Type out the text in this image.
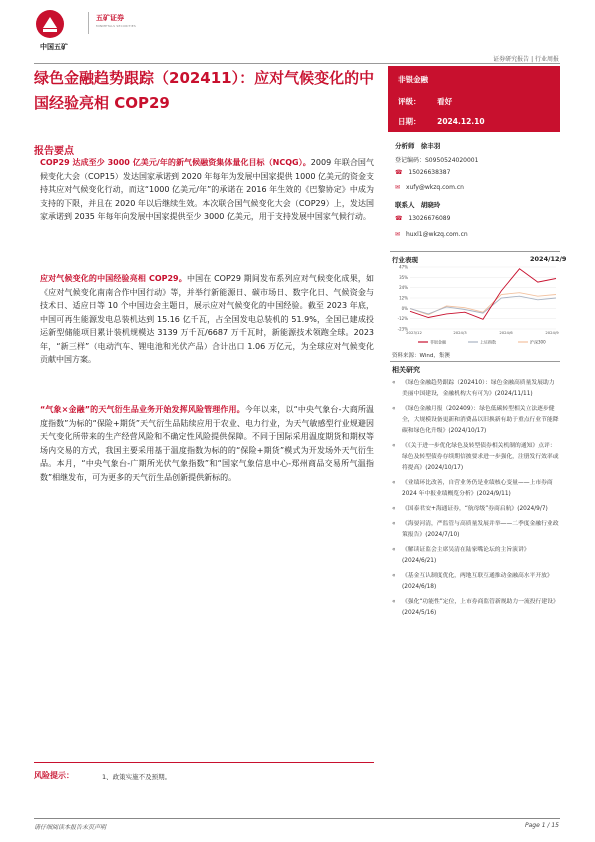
中国五矿
五矿证券
MINMETALS SECURITIES
证券研究报告 | 行业周报
绿色金融趋势跟踪（202411）：应对气候变化的中国经验亮相 COP29
非银金融
评级： 看好
日期： 2024.12.10
报告要点
COP29 达成至少 3000 亿美元/年的新气候融资集体量化目标（NCQG）。2009 年联合国气候变化大会（COP15）发达国家承诺到 2020 年每年为发展中国家提供 1000 亿美元的资金支持其应对气候变化行动，而这“1000 亿美元/年”的承诺在 2016 年生效的《巴黎协定》中成为支持的下限，并且在 2020 年以后继续生效。本次联合国气候变化大会（COP29）上，发达国家承诺到 2035 年每年向发展中国家提供至少 3000 亿美元，用于支持发展中国家气候行动。
应对气候变化的中国经验亮相 COP29。中国在 COP29 期间发布系列应对气候变化成果，如《应对气候变化南南合作中国行动》等，并举行新能源日、碳市场日、数字化日、气候资金与技术日、适应日等 10 个中国边会主题日，展示应对气候变化的中国经验。截至 2023 年底，中国可再生能源发电总装机达到 15.16 亿千瓦，占全国发电总装机的 51.9%，全国已建成投运新型储能项目累计装机规模达 3139 万千瓦/6687 万千瓦时，新能源技术领跑全球。2023 年，“新三样”（电动汽车、锂电池和光伏产品）合计出口 1.06 万亿元，为全球应对气候变化贡献中国方案。
“气象×金融”的天气衍生品业务开始发挥风险管理作用。今年以来，以“中央气象台-大商所温度指数”为标的“保险+期货”天气衍生品陆续应用于农业、电力行业，为天气敏感型行业规避因天气变化所带来的生产经营风险和不确定性风险提供保障。不同于国际采用温度期货和期权等场内交易的方式，我国主要采用基于温度指数为标的的“保险+期货”模式为开发场外天气衍生品。本月，“中央气象台-广期所光伏气象指数”和“国家气象信息中心-郑州商品交易所气温指数”相继发布，可为更多的天气衍生品创新提供新标的。
风险提示：	1、政策实施不及预期。
分析师 徐丰羽
登记编码：S0950524020001
☎ 15026638387
✉ xufy@wkzq.com.cn
联系人 胡晓玲
☎ 13026676089
✉ huxl1@wkzq.com.cn
行业表现	2024/12/9
47%
35%
24%
12%
0%
-12%
-23%
2023/12	2024/3	2024/6	2024/9
非银金融	上证指数	沪深300
资料来源：Wind，集澳
相关研究
« 《绿色金融趋势跟踪（202410）：绿色金融高质量发展助力美丽中国建设，金融机构大有可为》(2024/11/11)
« 《绿色金融月报（202409）：绿色低碳转型相关立法逐步健全，大规模设备更新和消费品以旧换新有助于重点行业节能降碳和绿色化升级》(2024/10/17)
« 《《关于进一步优化绿色及转型债券相关机制的通知》点评：绿色及转型债券存续期信披要求进一步强化，注册发行效率或将提高》(2024/10/17)
« 《业绩环比改善，自营业务仍是业绩核心变量——上市券商 2024 年中报业绩概览分析》(2024/9/11)
« 《国泰君安+海通证券，“航母级”券商启航》(2024/9/7)
« 《海晏河清，严监管与高质量发展并举——二季度金融行业政策报告》(2024/7/10)
« 《解读证监会主席吴清在陆家嘴论坛的主旨演讲》(2024/6/21)
« 《基金互认制度优化，两地互联互通推动金融高水平开放》(2024/6/18)
« 《强化“功能性”定位，上市券商监管新规助力一流投行建设》(2024/5/16)
请仔细阅读本报告末页声明	Page 1 / 15
